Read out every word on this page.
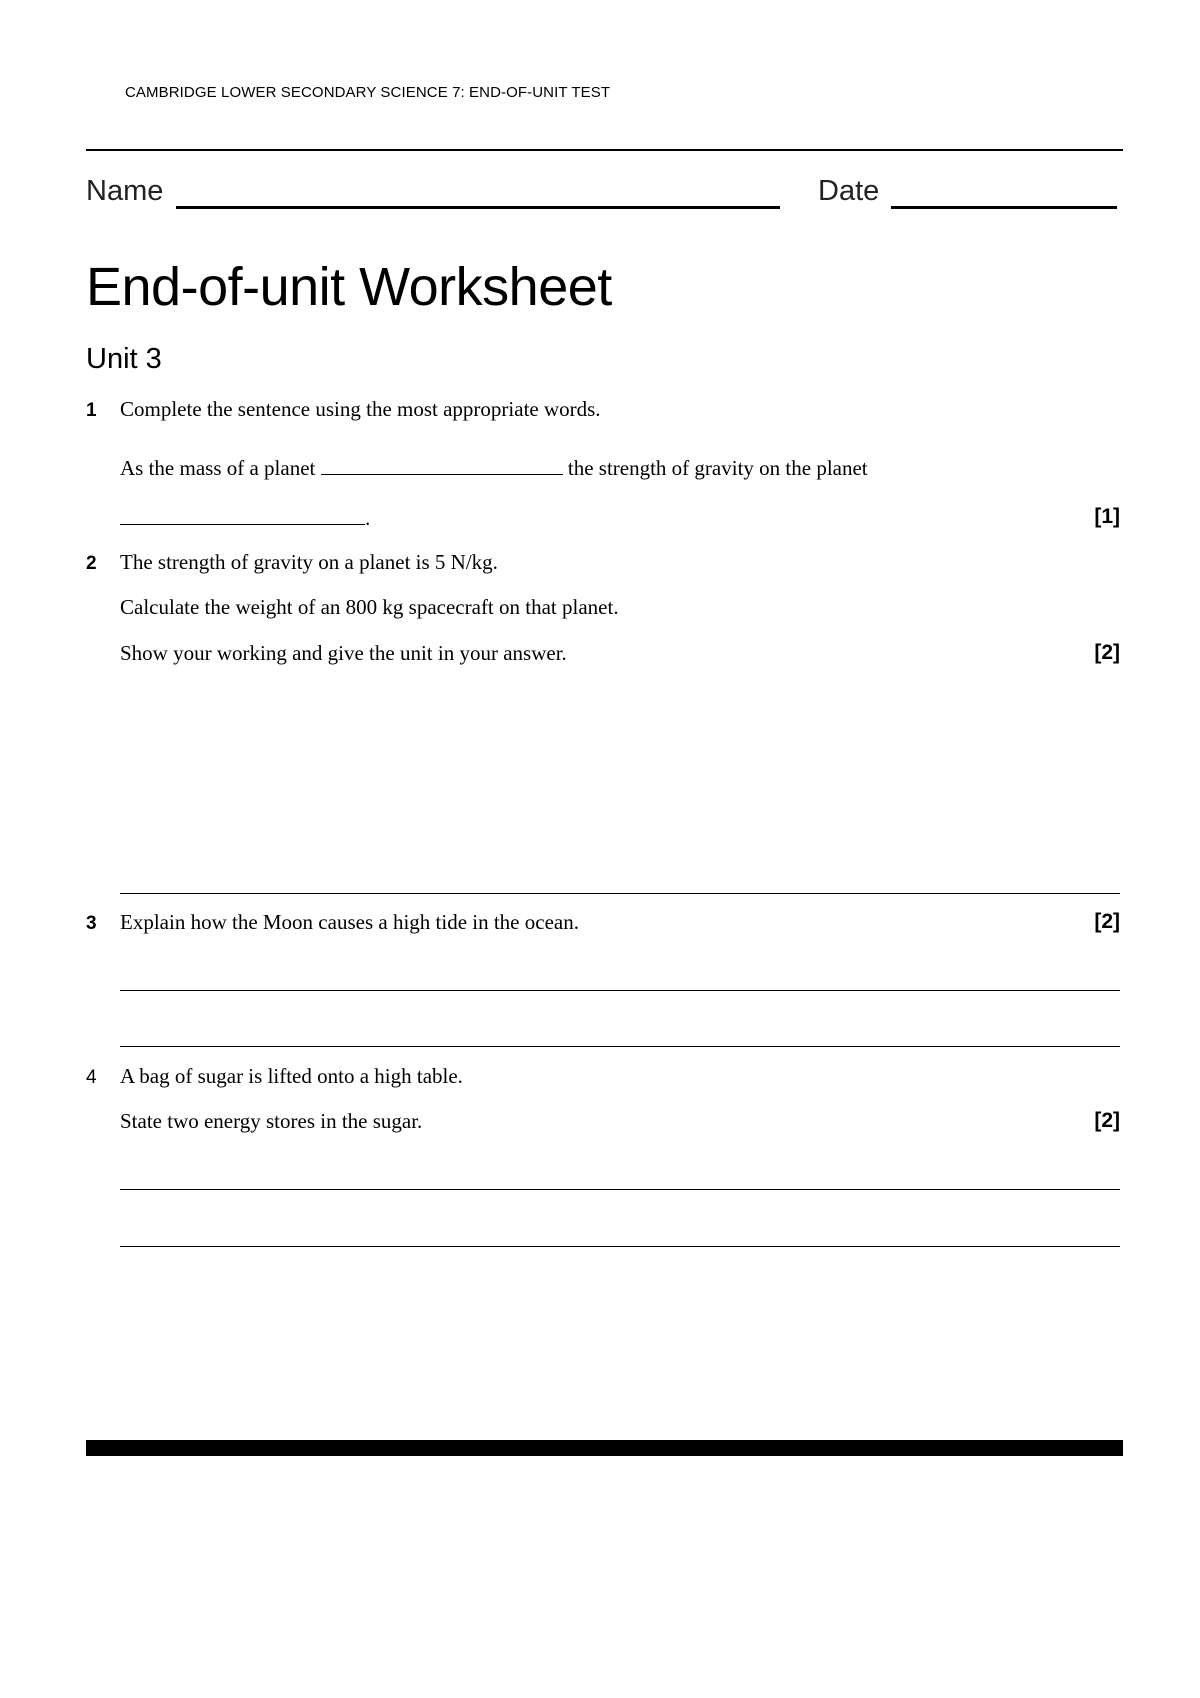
CAMBRIDGE LOWER SECONDARY SCIENCE 7: END-OF-UNIT TEST
Name	Date
End-of-unit Worksheet
Unit 3
1 Complete the sentence using the most appropriate words.
As the mass of a planet	the strength of gravity on the planet
.	[1]
2 The strength of gravity on a planet is 5 N/kg.
Calculate the weight of an 800 kg spacecraft on that planet.
Show your working and give the unit in your answer.	[2]
3 Explain how the Moon causes a high tide in the ocean.	[2]
4 A bag of sugar is lifted onto a high table.
State two energy stores in the sugar.	[2]
